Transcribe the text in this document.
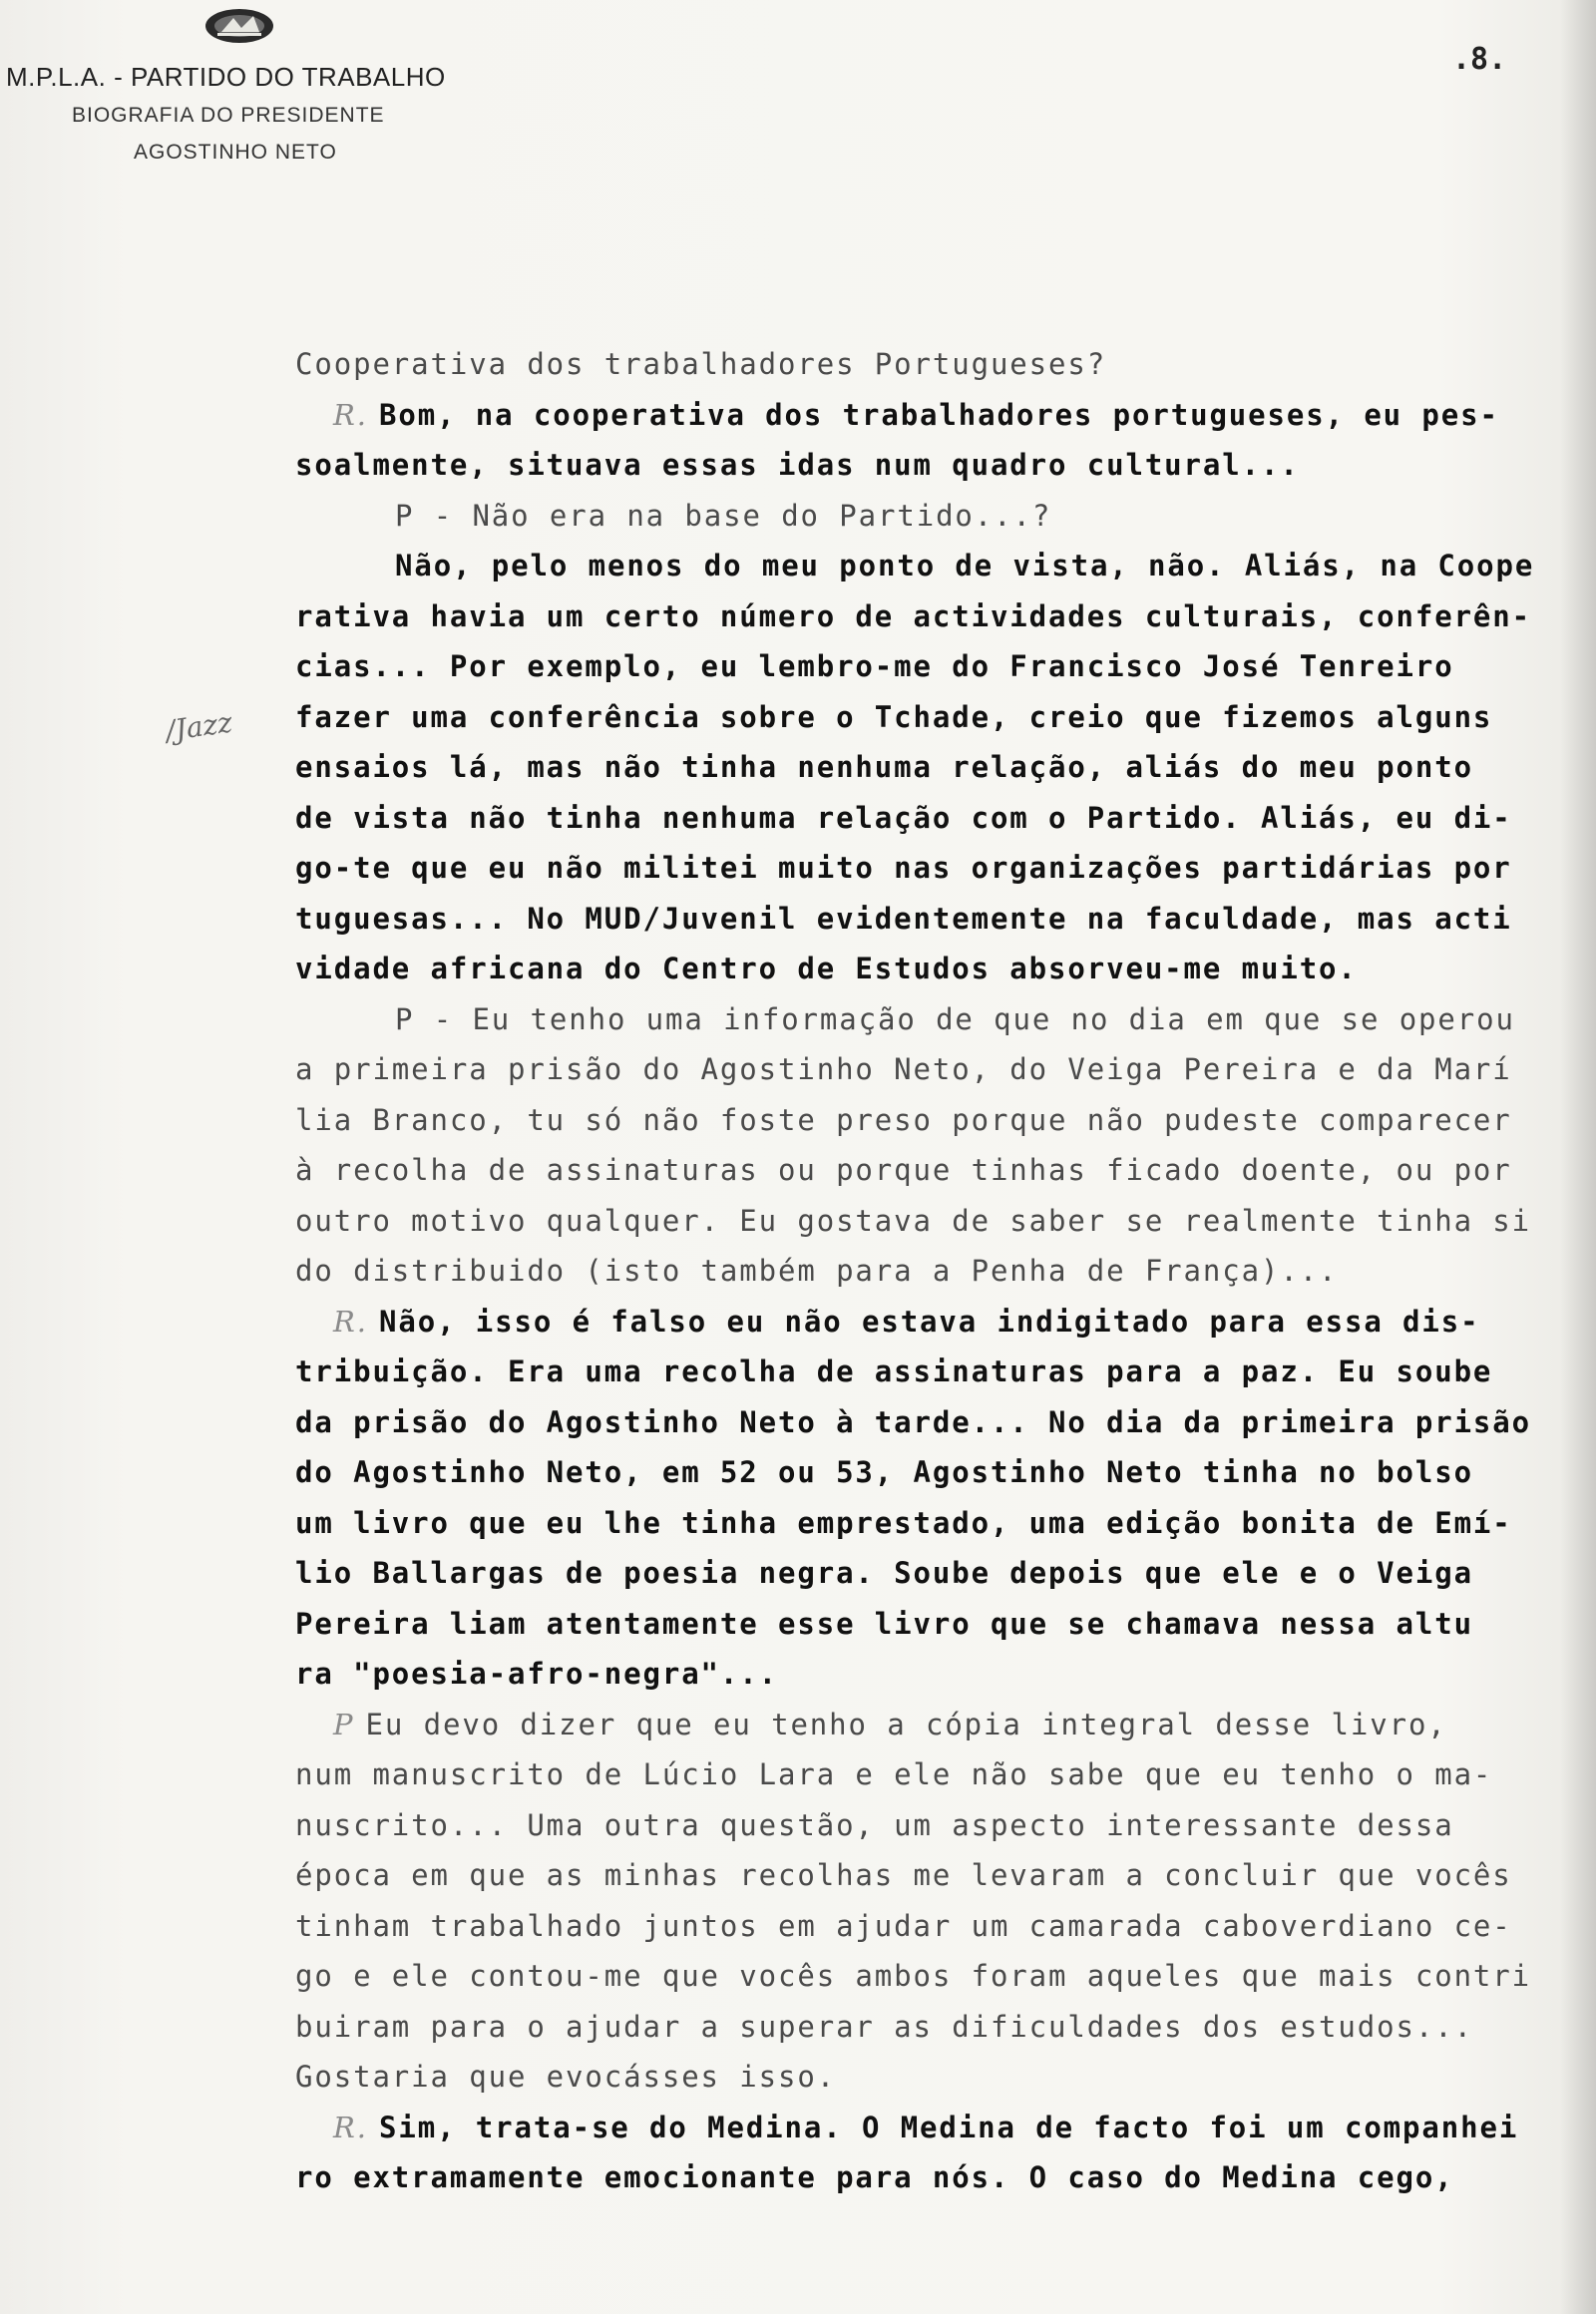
M.P.L.A. - PARTIDO DO TRABALHO
BIOGRAFIA DO PRESIDENTE
AGOSTINHO NETO
.8.
/Jazz
Cooperativa dos trabalhadores Portugueses?
R. Bom, na cooperativa dos trabalhadores portugueses, eu pes-
soalmente, situava essas idas num quadro cultural...
P - Não era na base do Partido...?
Não, pelo menos do meu ponto de vista, não. Aliás, na Coope
rativa havia um certo número de actividades culturais, conferên-
cias... Por exemplo, eu lembro-me do Francisco José Tenreiro
fazer uma conferência sobre o Tchade, creio que fizemos alguns
ensaios lá, mas não tinha nenhuma relação, aliás do meu ponto
de vista não tinha nenhuma relação com o Partido. Aliás, eu di-
go-te que eu não militei muito nas organizações partidárias por
tuguesas... No MUD/Juvenil evidentemente na faculdade, mas acti
vidade africana do Centro de Estudos absorveu-me muito.
P - Eu tenho uma informação de que no dia em que se operou
a primeira prisão do Agostinho Neto, do Veiga Pereira e da Marí
lia Branco, tu só não foste preso porque não pudeste comparecer
à recolha de assinaturas ou porque tinhas ficado doente, ou por
outro motivo qualquer. Eu gostava de saber se realmente tinha si
do distribuido (isto também para a Penha de França)...
R. Não, isso é falso eu não estava indigitado para essa dis-
tribuição. Era uma recolha de assinaturas para a paz. Eu soube
da prisão do Agostinho Neto à tarde... No dia da primeira prisão
do Agostinho Neto, em 52 ou 53, Agostinho Neto tinha no bolso
um livro que eu lhe tinha emprestado, uma edição bonita de Emí-
lio Ballargas de poesia negra. Soube depois que ele e o Veiga
Pereira liam atentamente esse livro que se chamava nessa altu
ra "poesia-afro-negra"...
P Eu devo dizer que eu tenho a cópia integral desse livro,
num manuscrito de Lúcio Lara e ele não sabe que eu tenho o ma-
nuscrito... Uma outra questão, um aspecto interessante dessa
época em que as minhas recolhas me levaram a concluir que vocês
tinham trabalhado juntos em ajudar um camarada caboverdiano ce-
go e ele contou-me que vocês ambos foram aqueles que mais contri
buiram para o ajudar a superar as dificuldades dos estudos...
Gostaria que evocásses isso.
R. Sim, trata-se do Medina. O Medina de facto foi um companhei
ro extramamente emocionante para nós. O caso do Medina cego,
